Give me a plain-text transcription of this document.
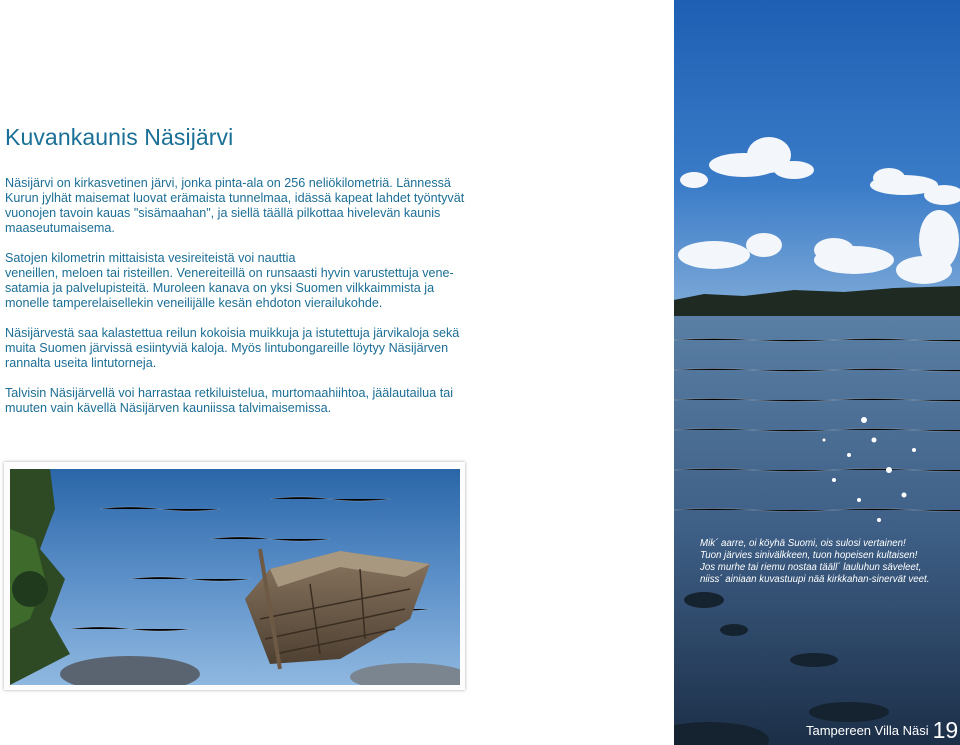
Kuvankaunis Näsijärvi

Näsijärvi on kirkasvetinen järvi, jonka pinta-ala on 256 neliökilometriä. Lännessä
Kurun jylhät maisemat luovat erämaista tunnelmaa, idässä kapeat lahdet työntyvät
vuonojen tavoin kauas "sisämaahan", ja siellä täällä pilkottaa hivelevän kaunis
maaseutumaisema.

Satojen kilometrin mittaisista vesireiteistä voi nauttia
veneillen, meloen tai risteillen. Venereiteillä on runsaasti hyvin varustettuja vene-
satamia ja palvelupisteitä. Muroleen kanava on yksi Suomen vilkkaimmista ja
monelle tamperelaisellekin veneilijälle kesän ehdoton vierailukohde.

Näsijärvestä saa kalastettua reilun kokoisia muikkuja ja istutettuja järvikaloja sekä
muita Suomen järvissä esiintyviä kaloja. Myös lintubongareille löytyy Näsijärven
rannalta useita lintutorneja.

Talvisin Näsijärvellä voi harrastaa retkiluistelua, murtomaahiihtoa, jäälautailua tai
muuten vain kävellä Näsijärven kauniissa talvimaisemissa.

Mik´ aarre, oi köyhä Suomi, ois sulosi vertainen!
Tuon järvies sinivälkkeen, tuon hopeisen kultaisen!
Jos murhe tai riemu nostaa tääll´ lauluhun säveleet,
niiss´ ainiaan kuvastuupi nää kirkkahan-sinervät veet.

Tampereen Villa Näsi 19
